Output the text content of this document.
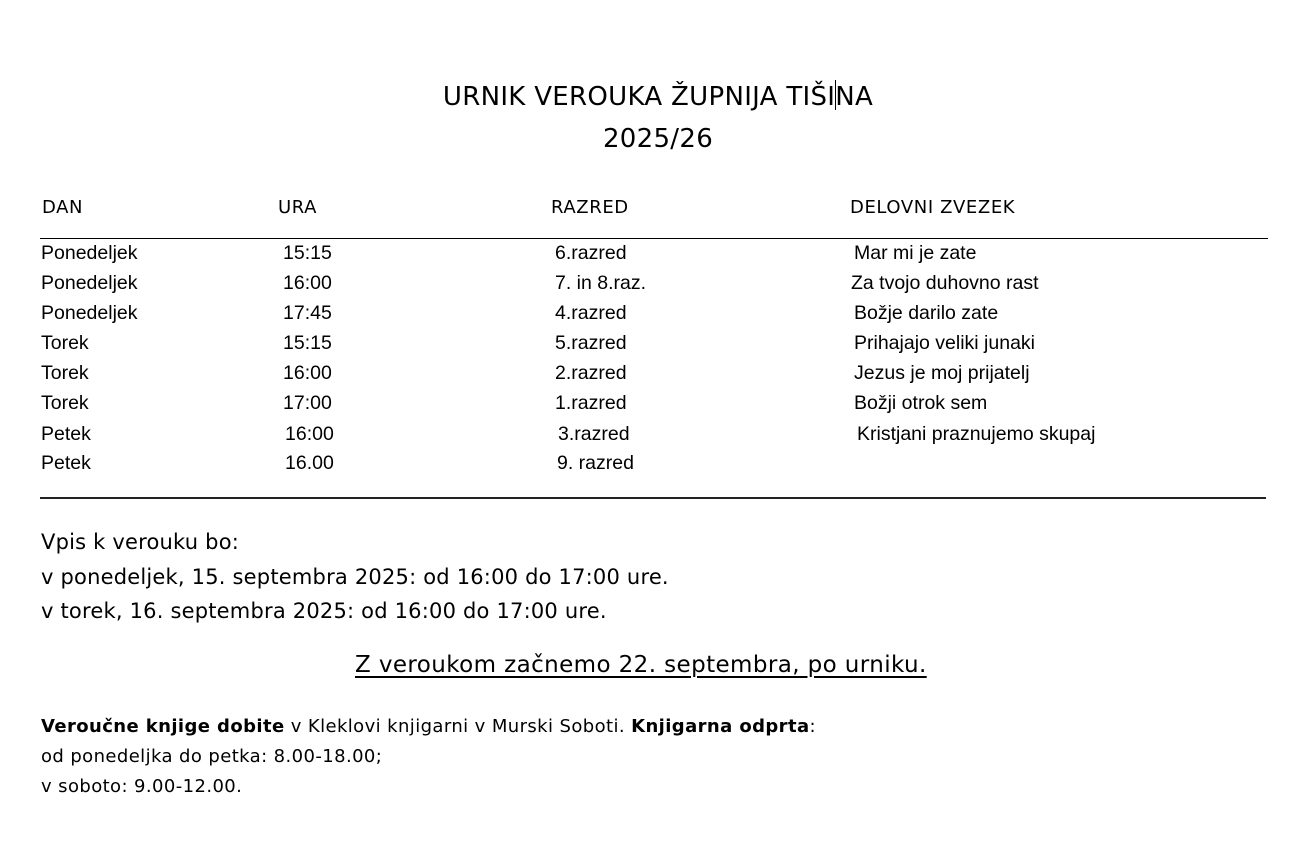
URNIK VEROUKA ŽUPNIJA TIŠINA
2025/26
DAN	URA	RAZRED	DELOVNI ZVEZEK
Ponedeljek	15:15	6.razred	Mar mi je zate
Ponedeljek	16:00	7. in 8.raz.	Za tvojo duhovno rast
Ponedeljek	17:45	4.razred	Božje darilo zate
Torek	15:15	5.razred	Prihajajo veliki junaki
Torek	16:00	2.razred	Jezus je moj prijatelj
Torek	17:00	1.razred	Božji otrok sem
Petek	16:00	3.razred	Kristjani praznujemo skupaj
Petek	16.00	9. razred
Vpis k verouku bo:
v ponedeljek, 15. septembra 2025: od 16:00 do 17:00 ure.
v torek, 16. septembra 2025: od 16:00 do 17:00 ure.
Z veroukom začnemo 22. septembra, po urniku.
Veroučne knjige dobite v Kleklovi knjigarni v Murski Soboti. Knjigarna odprta:
od ponedeljka do petka: 8.00-18.00;
v soboto: 9.00-12.00.
